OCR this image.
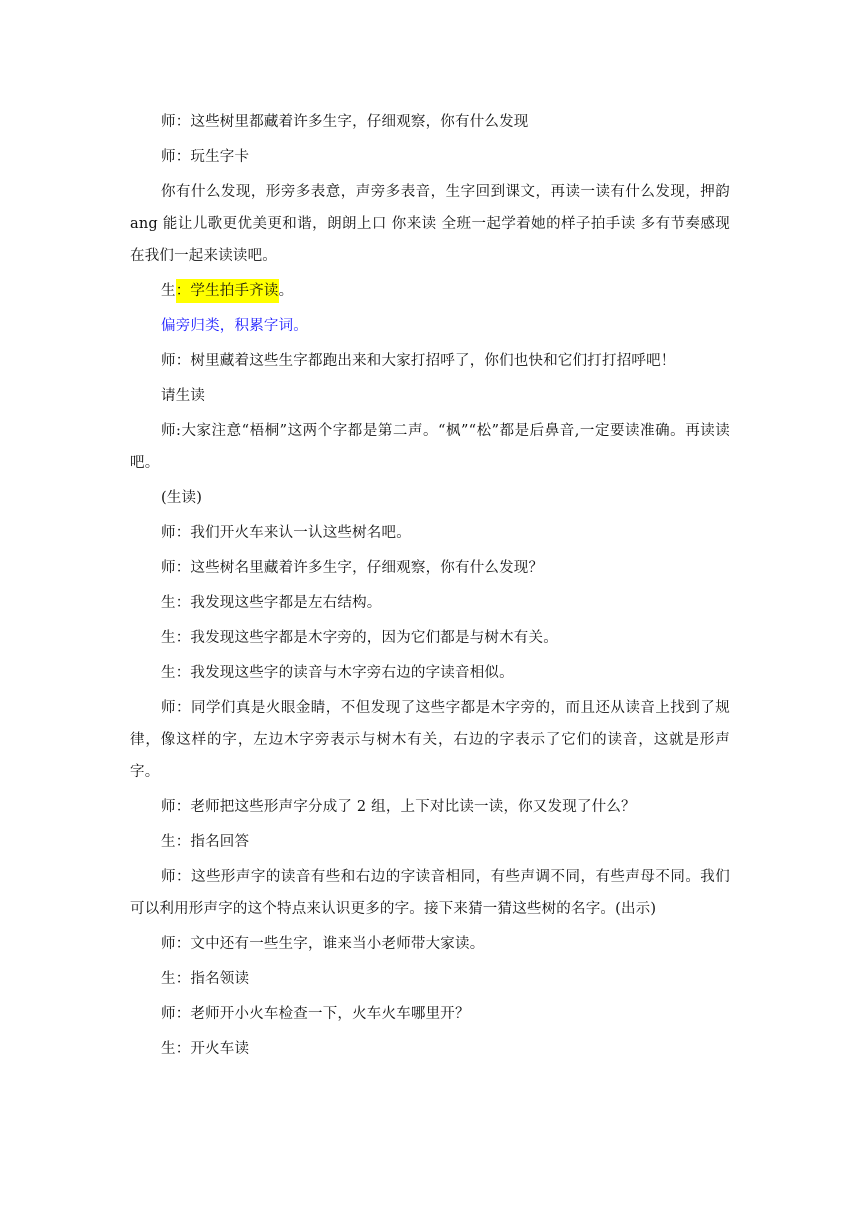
师：这些树里都藏着许多生字，仔细观察，你有什么发现

师：玩生字卡

你有什么发现，形旁多表意，声旁多表音，生字回到课文，再读一读有什么发现，押韵ang 能让儿歌更优美更和谐，朗朗上口 你来读 全班一起学着她的样子拍手读 多有节奏感现在我们一起来读读吧。

生：学生拍手齐读。

偏旁归类，积累字词。

师：树里藏着这些生字都跑出来和大家打招呼了，你们也快和它们打打招呼吧！

请生读

师:大家注意“梧桐”这两个字都是第二声。“枫”“松”都是后鼻音,一定要读准确。再读读吧。

(生读)

师：我们开火车来认一认这些树名吧。

师：这些树名里藏着许多生字，仔细观察，你有什么发现？

生：我发现这些字都是左右结构。

生：我发现这些字都是木字旁的，因为它们都是与树木有关。

生：我发现这些字的读音与木字旁右边的字读音相似。

师：同学们真是火眼金睛，不但发现了这些字都是木字旁的，而且还从读音上找到了规律，像这样的字，左边木字旁表示与树木有关，右边的字表示了它们的读音，这就是形声字。

师：老师把这些形声字分成了 2 组，上下对比读一读，你又发现了什么？

生：指名回答

师：这些形声字的读音有些和右边的字读音相同，有些声调不同，有些声母不同。我们可以利用形声字的这个特点来认识更多的字。接下来猜一猜这些树的名字。(出示)

师：文中还有一些生字，谁来当小老师带大家读。

生：指名领读

师：老师开小火车检查一下，火车火车哪里开？

生：开火车读
